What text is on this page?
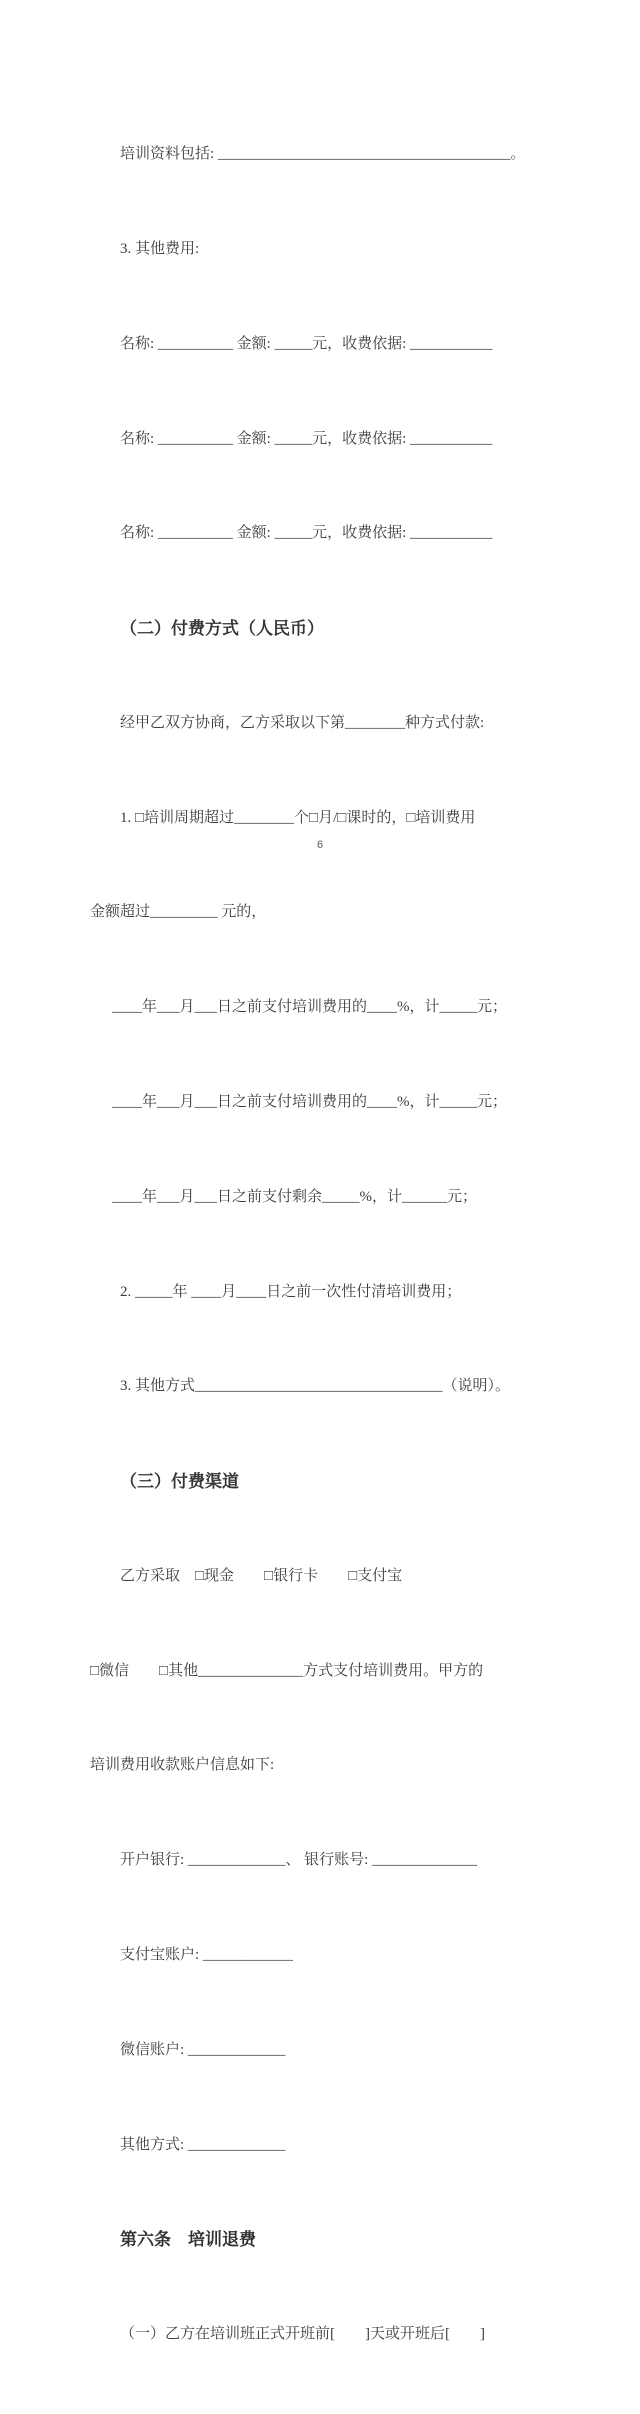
培训资料包括: _______________________________________。

3. 其他费用:

名称: __________ 金额: _____元，收费依据: ___________

名称: __________ 金额: _____元，收费依据: ___________

名称: __________ 金额: _____元，收费依据: ___________

（二）付费方式（人民币）

经甲乙双方协商，乙方采取以下第________种方式付款:

1. □培训周期超过________个□月/□课时的，□培训费用

金额超过_________ 元的，

____年___月___日之前支付培训费用的____%，计_____元；

____年___月___日之前支付培训费用的____%，计_____元；

____年___月___日之前支付剩余_____%，计______元；

2. _____年 ____月____日之前一次性付清培训费用；

3. 其他方式_________________________________（说明）。

（三）付费渠道

乙方采取　□现金　　□银行卡　　□支付宝

□微信　　□其他______________方式支付培训费用。甲方的

培训费用收款账户信息如下:

开户银行: _____________、 银行账号: ______________

支付宝账户: ____________

微信账户: _____________

其他方式: _____________

第六条　培训退费

（一）乙方在培训班正式开班前[　　]天或开班后[　　]

6
